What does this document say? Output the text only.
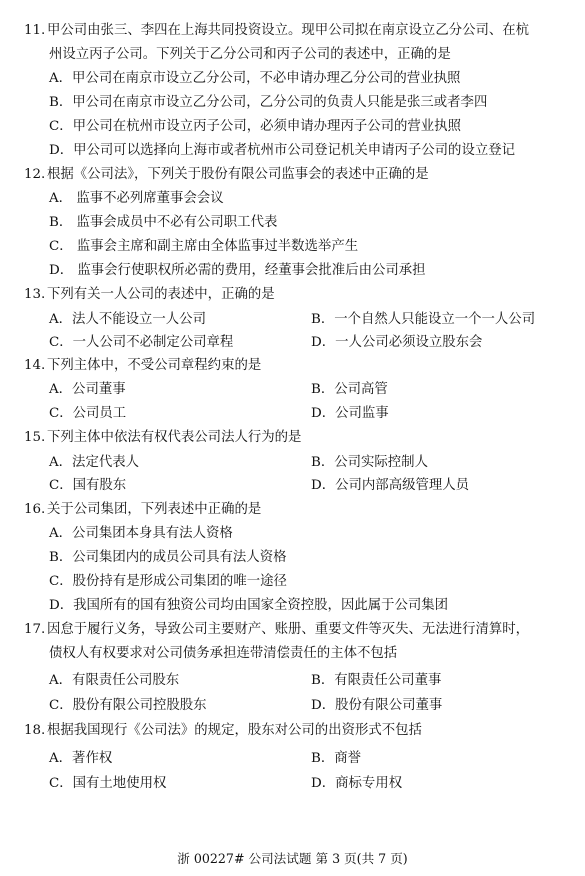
11. 甲公司由张三、李四在上海共同投资设立。现甲公司拟在南京设立乙分公司、在杭
州设立丙子公司。下列关于乙分公司和丙子公司的表述中，正确的是
A．甲公司在南京市设立乙分公司，不必申请办理乙分公司的营业执照
B．甲公司在南京市设立乙分公司，乙分公司的负责人只能是张三或者李四
C．甲公司在杭州市设立丙子公司，必须申请办理丙子公司的营业执照
D．甲公司可以选择向上海市或者杭州市公司登记机关申请丙子公司的设立登记
12. 根据《公司法》，下列关于股份有限公司监事会的表述中正确的是
A． 监事不必列席董事会会议
B． 监事会成员中不必有公司职工代表
C． 监事会主席和副主席由全体监事过半数选举产生
D． 监事会行使职权所必需的费用，经董事会批准后由公司承担
13. 下列有关一人公司的表述中，正确的是
A．法人不能设立一人公司	B．一个自然人只能设立一个一人公司
C．一人公司不必制定公司章程	D．一人公司必须设立股东会
14. 下列主体中，不受公司章程约束的是
A．公司董事	B．公司高管
C．公司员工	D．公司监事
15. 下列主体中依法有权代表公司法人行为的是
A．法定代表人	B．公司实际控制人
C．国有股东	D．公司内部高级管理人员
16. 关于公司集团，下列表述中正确的是
A．公司集团本身具有法人资格
B．公司集团内的成员公司具有法人资格
C．股份持有是形成公司集团的唯一途径
D．我国所有的国有独资公司均由国家全资控股，因此属于公司集团
17. 因怠于履行义务，导致公司主要财产、账册、重要文件等灭失、无法进行清算时，
债权人有权要求对公司债务承担连带清偿责任的主体不包括
A．有限责任公司股东	B．有限责任公司董事
C．股份有限公司控股股东	D．股份有限公司董事
18. 根据我国现行《公司法》的规定，股东对公司的出资形式不包括
A．著作权	B．商誉
C．国有土地使用权	D．商标专用权
浙 00227# 公司法试题 第 3 页(共 7 页)
